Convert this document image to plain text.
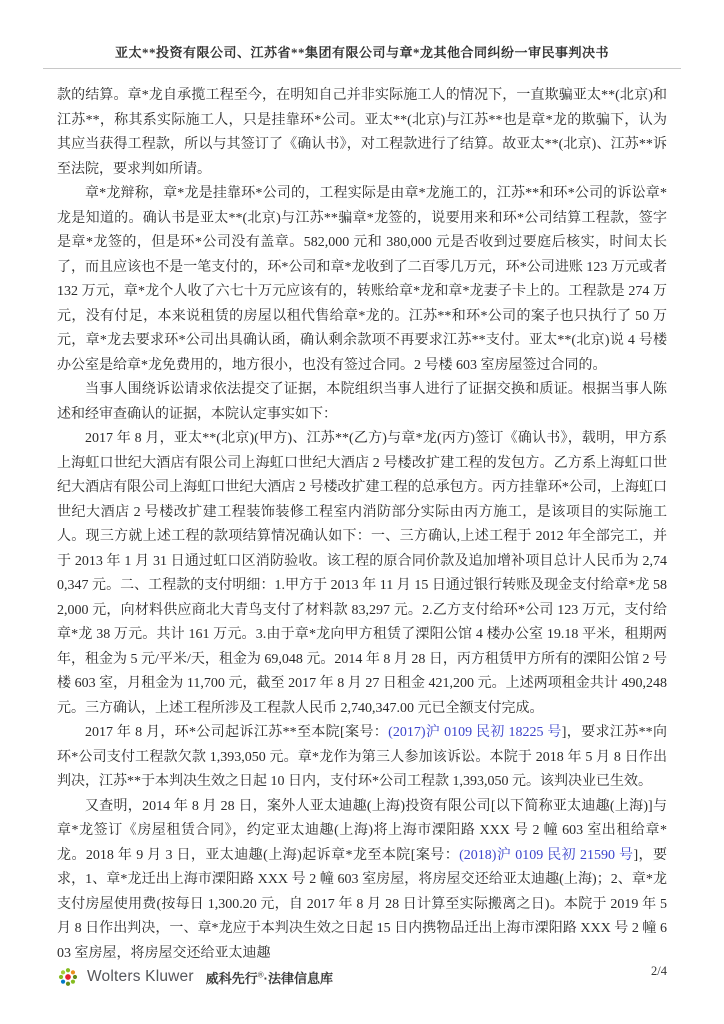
亚太**投资有限公司、江苏省**集团有限公司与章*龙其他合同纠纷一审民事判决书

款的结算。章*龙自承揽工程至今，在明知自己并非实际施工人的情况下，一直欺骗亚太**(北京)和江苏**，称其系实际施工人，只是挂靠环*公司。亚太**(北京)与江苏**也是章*龙的欺骗下，认为其应当获得工程款，所以与其签订了《确认书》，对工程款进行了结算。故亚太**(北京)、江苏**诉至法院，要求判如所请。

章*龙辩称，章*龙是挂靠环*公司的，工程实际是由章*龙施工的，江苏**和环*公司的诉讼章*龙是知道的。确认书是亚太**(北京)与江苏**骗章*龙签的，说要用来和环*公司结算工程款，签字是章*龙签的，但是环*公司没有盖章。582,000 元和 380,000 元是否收到过要庭后核实，时间太长了，而且应该也不是一笔支付的，环*公司和章*龙收到了二百零几万元，环*公司进账 123 万元或者 132 万元，章*龙个人收了六七十万元应该有的，转账给章*龙和章*龙妻子卡上的。工程款是 274 万元，没有付足，本来说租赁的房屋以租代售给章*龙的。江苏**和环*公司的案子也只执行了 50 万元，章*龙去要求环*公司出具确认函，确认剩余款项不再要求江苏**支付。亚太**(北京)说 4 号楼办公室是给章*龙免费用的，地方很小，也没有签过合同。2 号楼 603 室房屋签过合同的。

当事人围绕诉讼请求依法提交了证据，本院组织当事人进行了证据交换和质证。根据当事人陈述和经审查确认的证据，本院认定事实如下：

2017 年 8 月，亚太**(北京)(甲方)、江苏**(乙方)与章*龙(丙方)签订《确认书》，载明，甲方系上海虹口世纪大酒店有限公司上海虹口世纪大酒店 2 号楼改扩建工程的发包方。乙方系上海虹口世纪大酒店有限公司上海虹口世纪大酒店 2 号楼改扩建工程的总承包方。丙方挂靠环*公司，上海虹口世纪大酒店 2 号楼改扩建工程装饰装修工程室内消防部分实际由丙方施工，是该项目的实际施工人。现三方就上述工程的款项结算情况确认如下：一、三方确认,上述工程于 2012 年全部完工，并于 2013 年 1 月 31 日通过虹口区消防验收。该工程的原合同价款及追加增补项目总计人民币为 2,740,347 元。二、工程款的支付明细：1.甲方于 2013 年 11 月 15 日通过银行转账及现金支付给章*龙 582,000 元，向材料供应商北大青鸟支付了材料款 83,297 元。2.乙方支付给环*公司 123 万元，支付给章*龙 38 万元。共计 161 万元。3.由于章*龙向甲方租赁了溧阳公馆 4 楼办公室 19.18 平米，租期两年，租金为 5 元/平米/天，租金为 69,048 元。2014 年 8 月 28 日，丙方租赁甲方所有的溧阳公馆 2 号楼 603 室，月租金为 11,700 元，截至 2017 年 8 月 27 日租金 421,200 元。上述两项租金共计 490,248 元。三方确认，上述工程所涉及工程款人民币 2,740,347.00 元已全额支付完成。

2017 年 8 月，环*公司起诉江苏**至本院[案号：(2017)沪 0109 民初 18225 号]，要求江苏**向环*公司支付工程款欠款 1,393,050 元。章*龙作为第三人参加该诉讼。本院于 2018 年 5 月 8 日作出判决，江苏**于本判决生效之日起 10 日内，支付环*公司工程款 1,393,050 元。该判决业已生效。

又查明，2014 年 8 月 28 日，案外人亚太迪趣(上海)投资有限公司[以下简称亚太迪趣(上海)]与章*龙签订《房屋租赁合同》，约定亚太迪趣(上海)将上海市溧阳路 XXX 号 2 幢 603 室出租给章*龙。2018 年 9 月 3 日，亚太迪趣(上海)起诉章*龙至本院[案号：(2018)沪 0109 民初 21590 号]，要求，1、章*龙迁出上海市溧阳路 XXX 号 2 幢 603 室房屋，将房屋交还给亚太迪趣(上海)；2、章*龙支付房屋使用费(按每日 1,300.20 元，自 2017 年 8 月 28 日计算至实际搬离之日)。本院于 2019 年 5 月 8 日作出判决，一、章*龙应于本判决生效之日起 15 日内携物品迁出上海市溧阳路 XXX 号 2 幢 603 室房屋，将房屋交还给亚太迪趣

Wolters Kluwer 威科先行®·法律信息库	2/4
